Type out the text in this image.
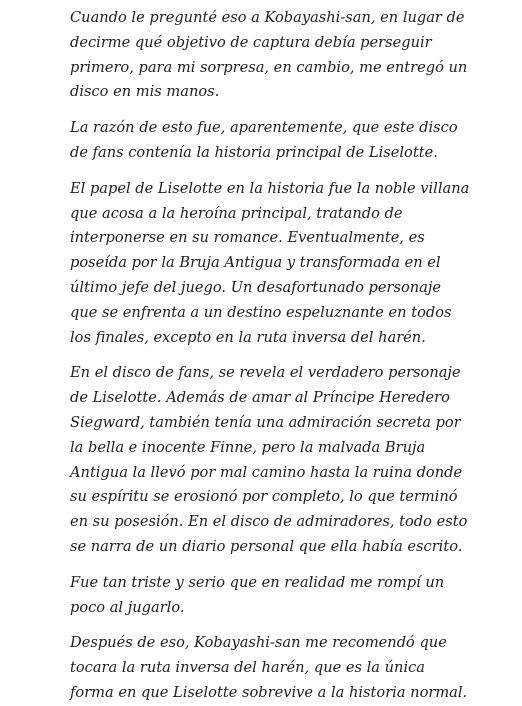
Cuando le pregunté eso a Kobayashi-san, en lugar de decirme qué objetivo de captura debía perseguir primero, para mi sorpresa, en cambio, me entregó un disco en mis manos.

La razón de esto fue, aparentemente, que este disco de fans contenía la historia principal de Liselotte.

El papel de Liselotte en la historia fue la noble villana que acosa a la heroína principal, tratando de interponerse en su romance. Eventualmente, es poseída por la Bruja Antigua y transformada en el último jefe del juego. Un desafortunado personaje que se enfrenta a un destino espeluznante en todos los finales, excepto en la ruta inversa del harén.

En el disco de fans, se revela el verdadero personaje de Liselotte. Además de amar al Príncipe Heredero Siegward, también tenía una admiración secreta por la bella e inocente Finne, pero la malvada Bruja Antigua la llevó por mal camino hasta la ruina donde su espíritu se erosionó por completo, lo que terminó en su posesión. En el disco de admiradores, todo esto se narra de un diario personal que ella había escrito.

Fue tan triste y serio que en realidad me rompí un poco al jugarlo.

Después de eso, Kobayashi-san me recomendó que tocara la ruta inversa del harén, que es la única forma en que Liselotte sobrevive a la historia normal.
